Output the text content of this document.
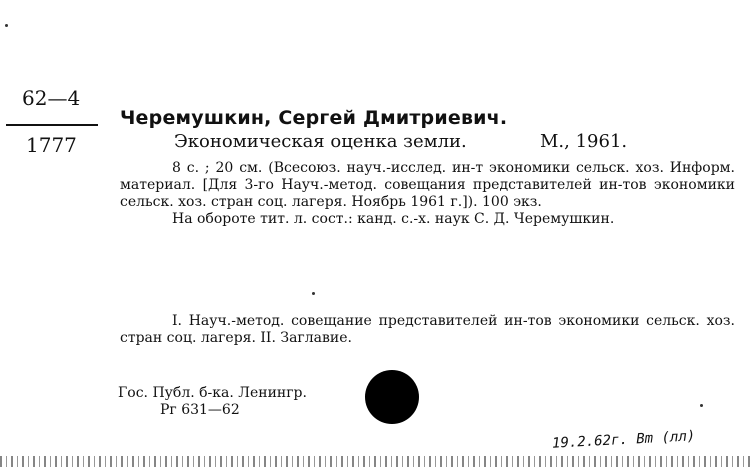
62—4
1777
Черемушкин, Сергей Дмитриевич.
Экономическая оценка земли.	М., 1961.

8 с. ; 20 см. (Всесоюз. науч.-исслед. ин-т экономики сельск. хоз. Информ. материал. [Для 3-го Науч.-метод. совещания представителей ин-тов экономики сельск. хоз. стран соц. лагеря. Ноябрь 1961 г.]). 100 экз.

На обороте тит. л. сост.: канд. с.-х. наук С. Д. Черемушкин.

I. Науч.-метод. совещание представителей ин-тов экономики сельск. хоз. стран соц. лагеря. II. Заглавие.
Гос. Публ. б-ка. Ленингр.
Рг 631—62
19.2.62г. Вm (лл)
